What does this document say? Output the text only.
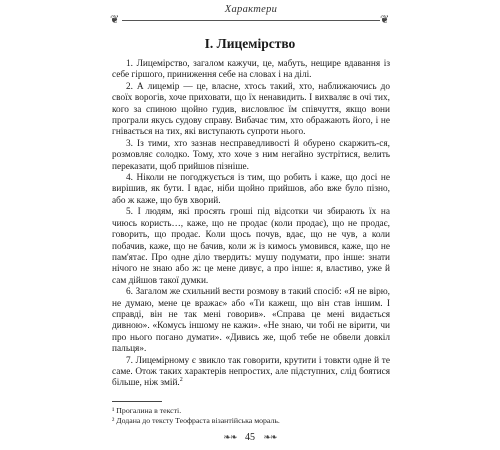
❦
Характери
❦
І. Лицемірство

1. Лицемірство, загалом кажучи, це, мабуть, нещире вдавання із себе гіршого, приниження себе на словах і на ділі.

2. А лицемір — це, власне, хтось такий, хто, наближаючись до своїх ворогів, хоче приховати, що їх ненавидить. І вихваляє в очі тих, кого за спиною щойно гудив, висловлює їм співчуття, якщо вони програли якусь судову справу. Вибачає тим, хто ображають його, і не гнівається на тих, які виступають супроти нього.

3. Із тими, хто зазнав несправедливості й обурено скаржить-ся, розмовляє солодко. Тому, хто хоче з ним негайно зустрітися, велить переказати, щоб прийшов пізніше.

4. Ніколи не погоджується із тим, що робить і каже, що досі не вирішив, як бути. І вдає, ніби щойно прийшов, або вже було пізно, або ж каже, що був хворий.

5. І людям, які просять гроші під відсотки чи збирають їх на чиюсь користь…, каже, що не продає (коли продає), що не продає, говорить, що продає. Коли щось почув, вдає, що не чув, а коли побачив, каже, що не бачив, коли ж із кимось умовився, каже, що не пам'ятає. Про одне діло твердить: мушу подумати, про інше: знати нічого не знаю або ж: це мене дивує, а про інше: я, властиво, уже й сам дійшов такої думки.

6. Загалом же схильний вести розмову в такий спосіб: «Я не вірю, не думаю, мене це вражає» або «Ти кажеш, що він став іншим. І справді, він не так мені говорив». «Справа це мені видається дивною». «Комусь іншому не кажи». «Не знаю, чи тобі не вірити, чи про нього погано думати». «Дивись же, щоб тебе не обвели довкіл пальця».

7. Лицемірному є звикло так говорити, крутити і товкти одне й те саме. Отож таких характерів непростих, але підступних, слід боятися більше, ніж змій.$^2$

¹ Прогалина в тексті.

² Додана до тексту Теофраста візантійська мораль.

❧❧ 45 ❧❧
